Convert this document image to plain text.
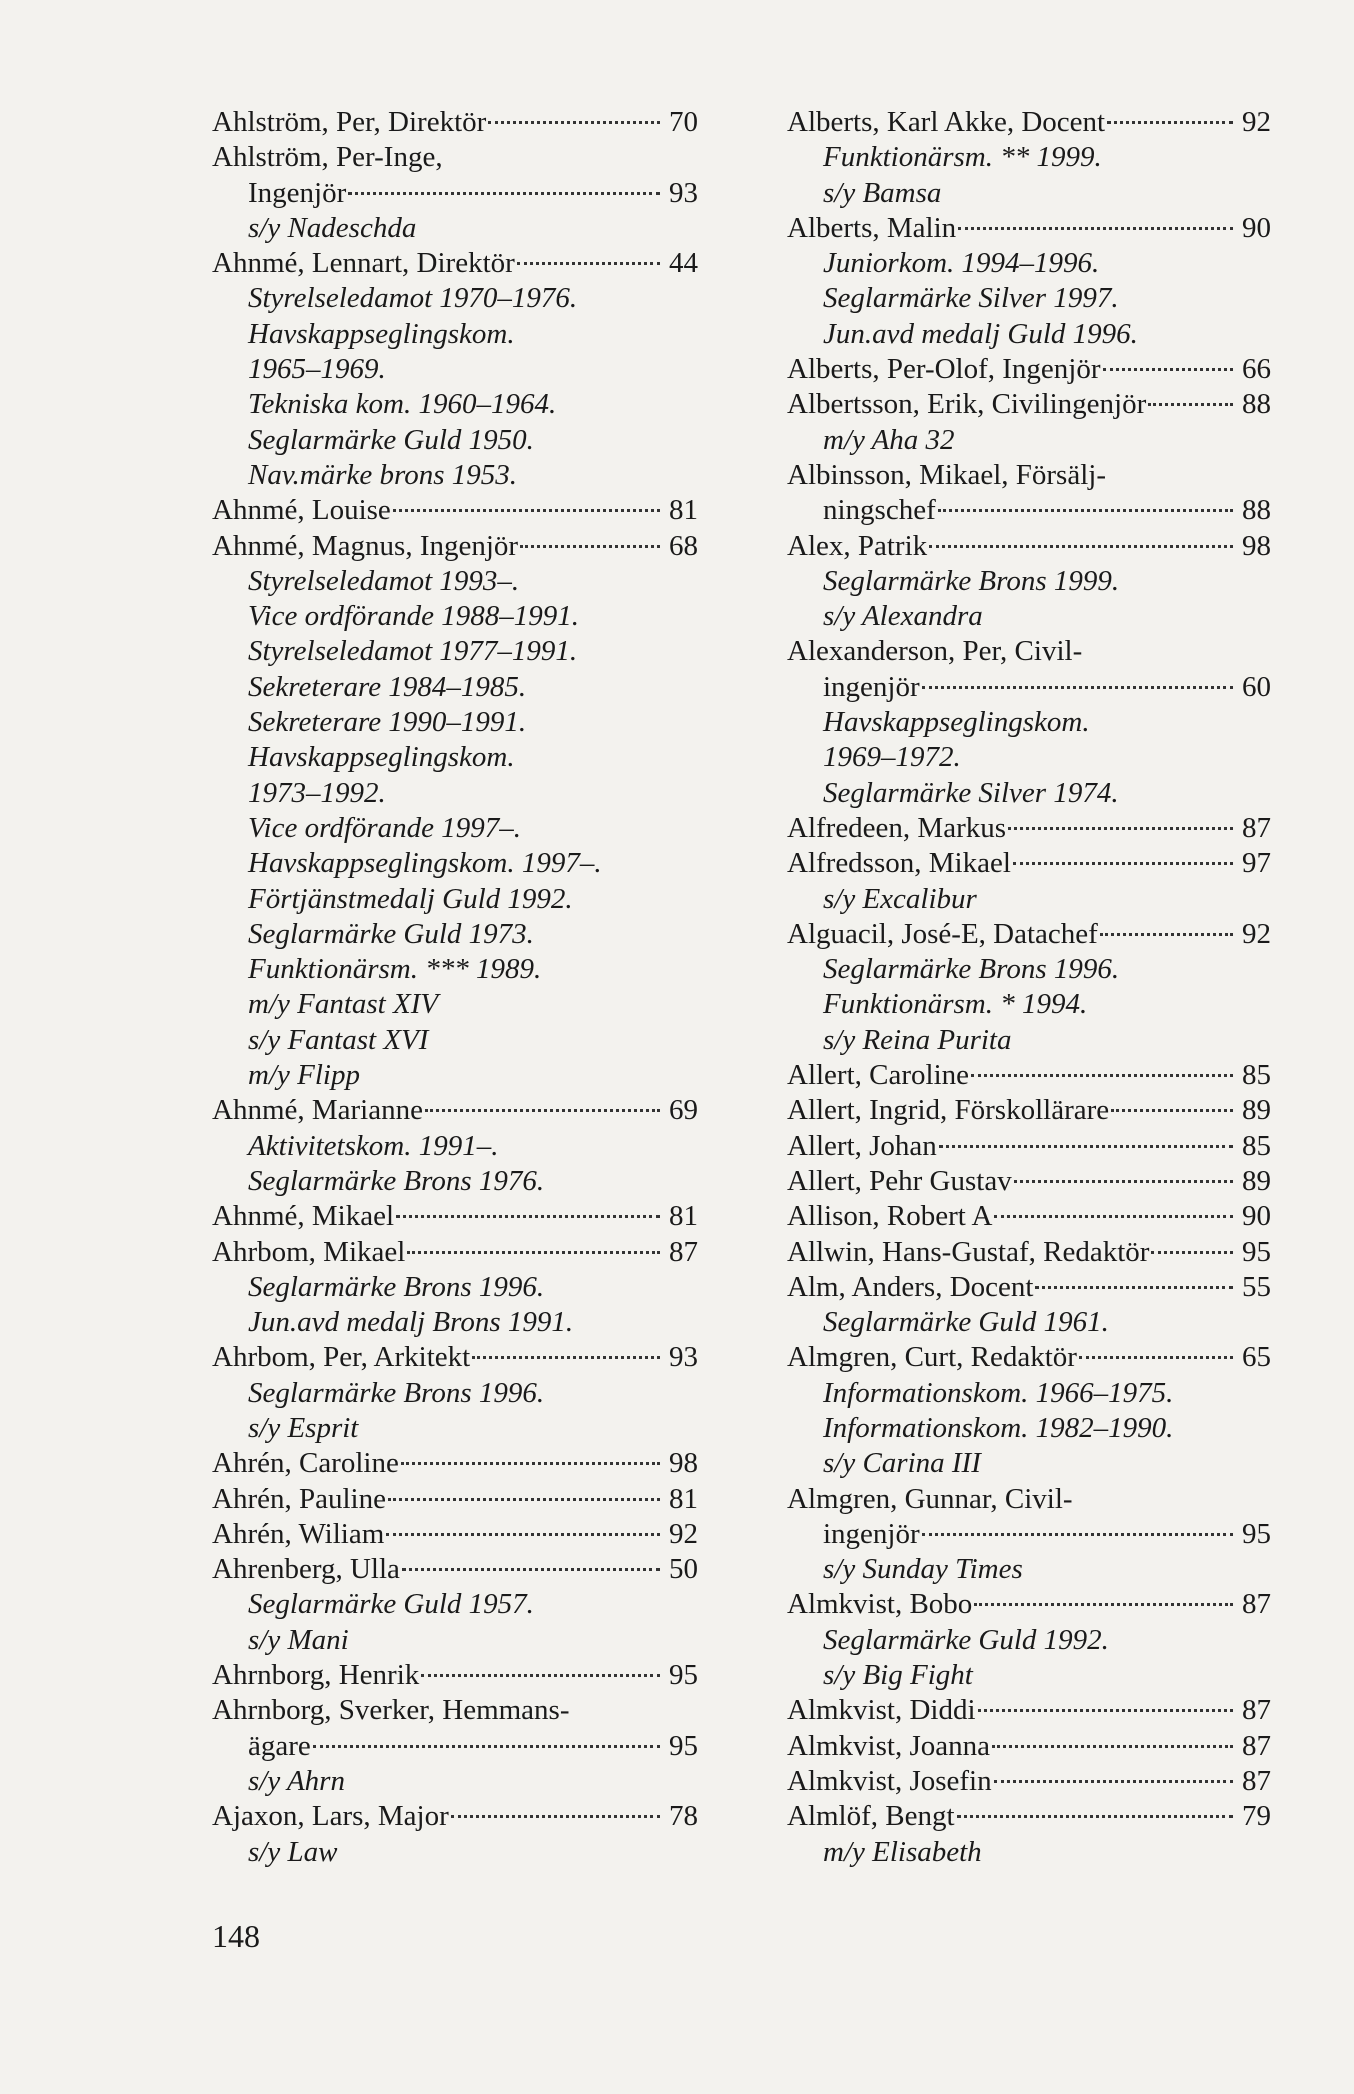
Ahlström, Per, Direktör	70
Ahlström, Per-Inge,
Ingenjör	93
s/y Nadeschda
Ahnmé, Lennart, Direktör	44
Styrelseledamot 1970–1976.
Havskappseglingskom.
1965–1969.
Tekniska kom. 1960–1964.
Seglarmärke Guld 1950.
Nav.märke brons 1953.
Ahnmé, Louise	81
Ahnmé, Magnus, Ingenjör	68
Styrelseledamot 1993–.
Vice ordförande 1988–1991.
Styrelseledamot 1977–1991.
Sekreterare 1984–1985.
Sekreterare 1990–1991.
Havskappseglingskom.
1973–1992.
Vice ordförande 1997–.
Havskappseglingskom. 1997–.
Förtjänstmedalj Guld 1992.
Seglarmärke Guld 1973.
Funktionärsm. *** 1989.
m/y Fantast XIV
s/y Fantast XVI
m/y Flipp
Ahnmé, Marianne	69
Aktivitetskom. 1991–.
Seglarmärke Brons 1976.
Ahnmé, Mikael	81
Ahrbom, Mikael	87
Seglarmärke Brons 1996.
Jun.avd medalj Brons 1991.
Ahrbom, Per, Arkitekt	93
Seglarmärke Brons 1996.
s/y Esprit
Ahrén, Caroline	98
Ahrén, Pauline	81
Ahrén, Wiliam	92
Ahrenberg, Ulla	50
Seglarmärke Guld 1957.
s/y Mani
Ahrnborg, Henrik	95
Ahrnborg, Sverker, Hemmans-
ägare	95
s/y Ahrn
Ajaxon, Lars, Major	78
s/y Law
Alberts, Karl Akke, Docent	92
Funktionärsm. ** 1999.
s/y Bamsa
Alberts, Malin	90
Juniorkom. 1994–1996.
Seglarmärke Silver 1997.
Jun.avd medalj Guld 1996.
Alberts, Per-Olof, Ingenjör	66
Albertsson, Erik, Civilingenjör	88
m/y Aha 32
Albinsson, Mikael, Försälj-
ningschef	88
Alex, Patrik	98
Seglarmärke Brons 1999.
s/y Alexandra
Alexanderson, Per, Civil-
ingenjör	60
Havskappseglingskom.
1969–1972.
Seglarmärke Silver 1974.
Alfredeen, Markus	87
Alfredsson, Mikael	97
s/y Excalibur
Alguacil, José-E, Datachef	92
Seglarmärke Brons 1996.
Funktionärsm. * 1994.
s/y Reina Purita
Allert, Caroline	85
Allert, Ingrid, Förskollärare	89
Allert, Johan	85
Allert, Pehr Gustav	89
Allison, Robert A	90
Allwin, Hans-Gustaf, Redaktör	95
Alm, Anders, Docent	55
Seglarmärke Guld 1961.
Almgren, Curt, Redaktör	65
Informationskom. 1966–1975.
Informationskom. 1982–1990.
s/y Carina III
Almgren, Gunnar, Civil-
ingenjör	95
s/y Sunday Times
Almkvist, Bobo	87
Seglarmärke Guld 1992.
s/y Big Fight
Almkvist, Diddi	87
Almkvist, Joanna	87
Almkvist, Josefin	87
Almlöf, Bengt	79
m/y Elisabeth
148
